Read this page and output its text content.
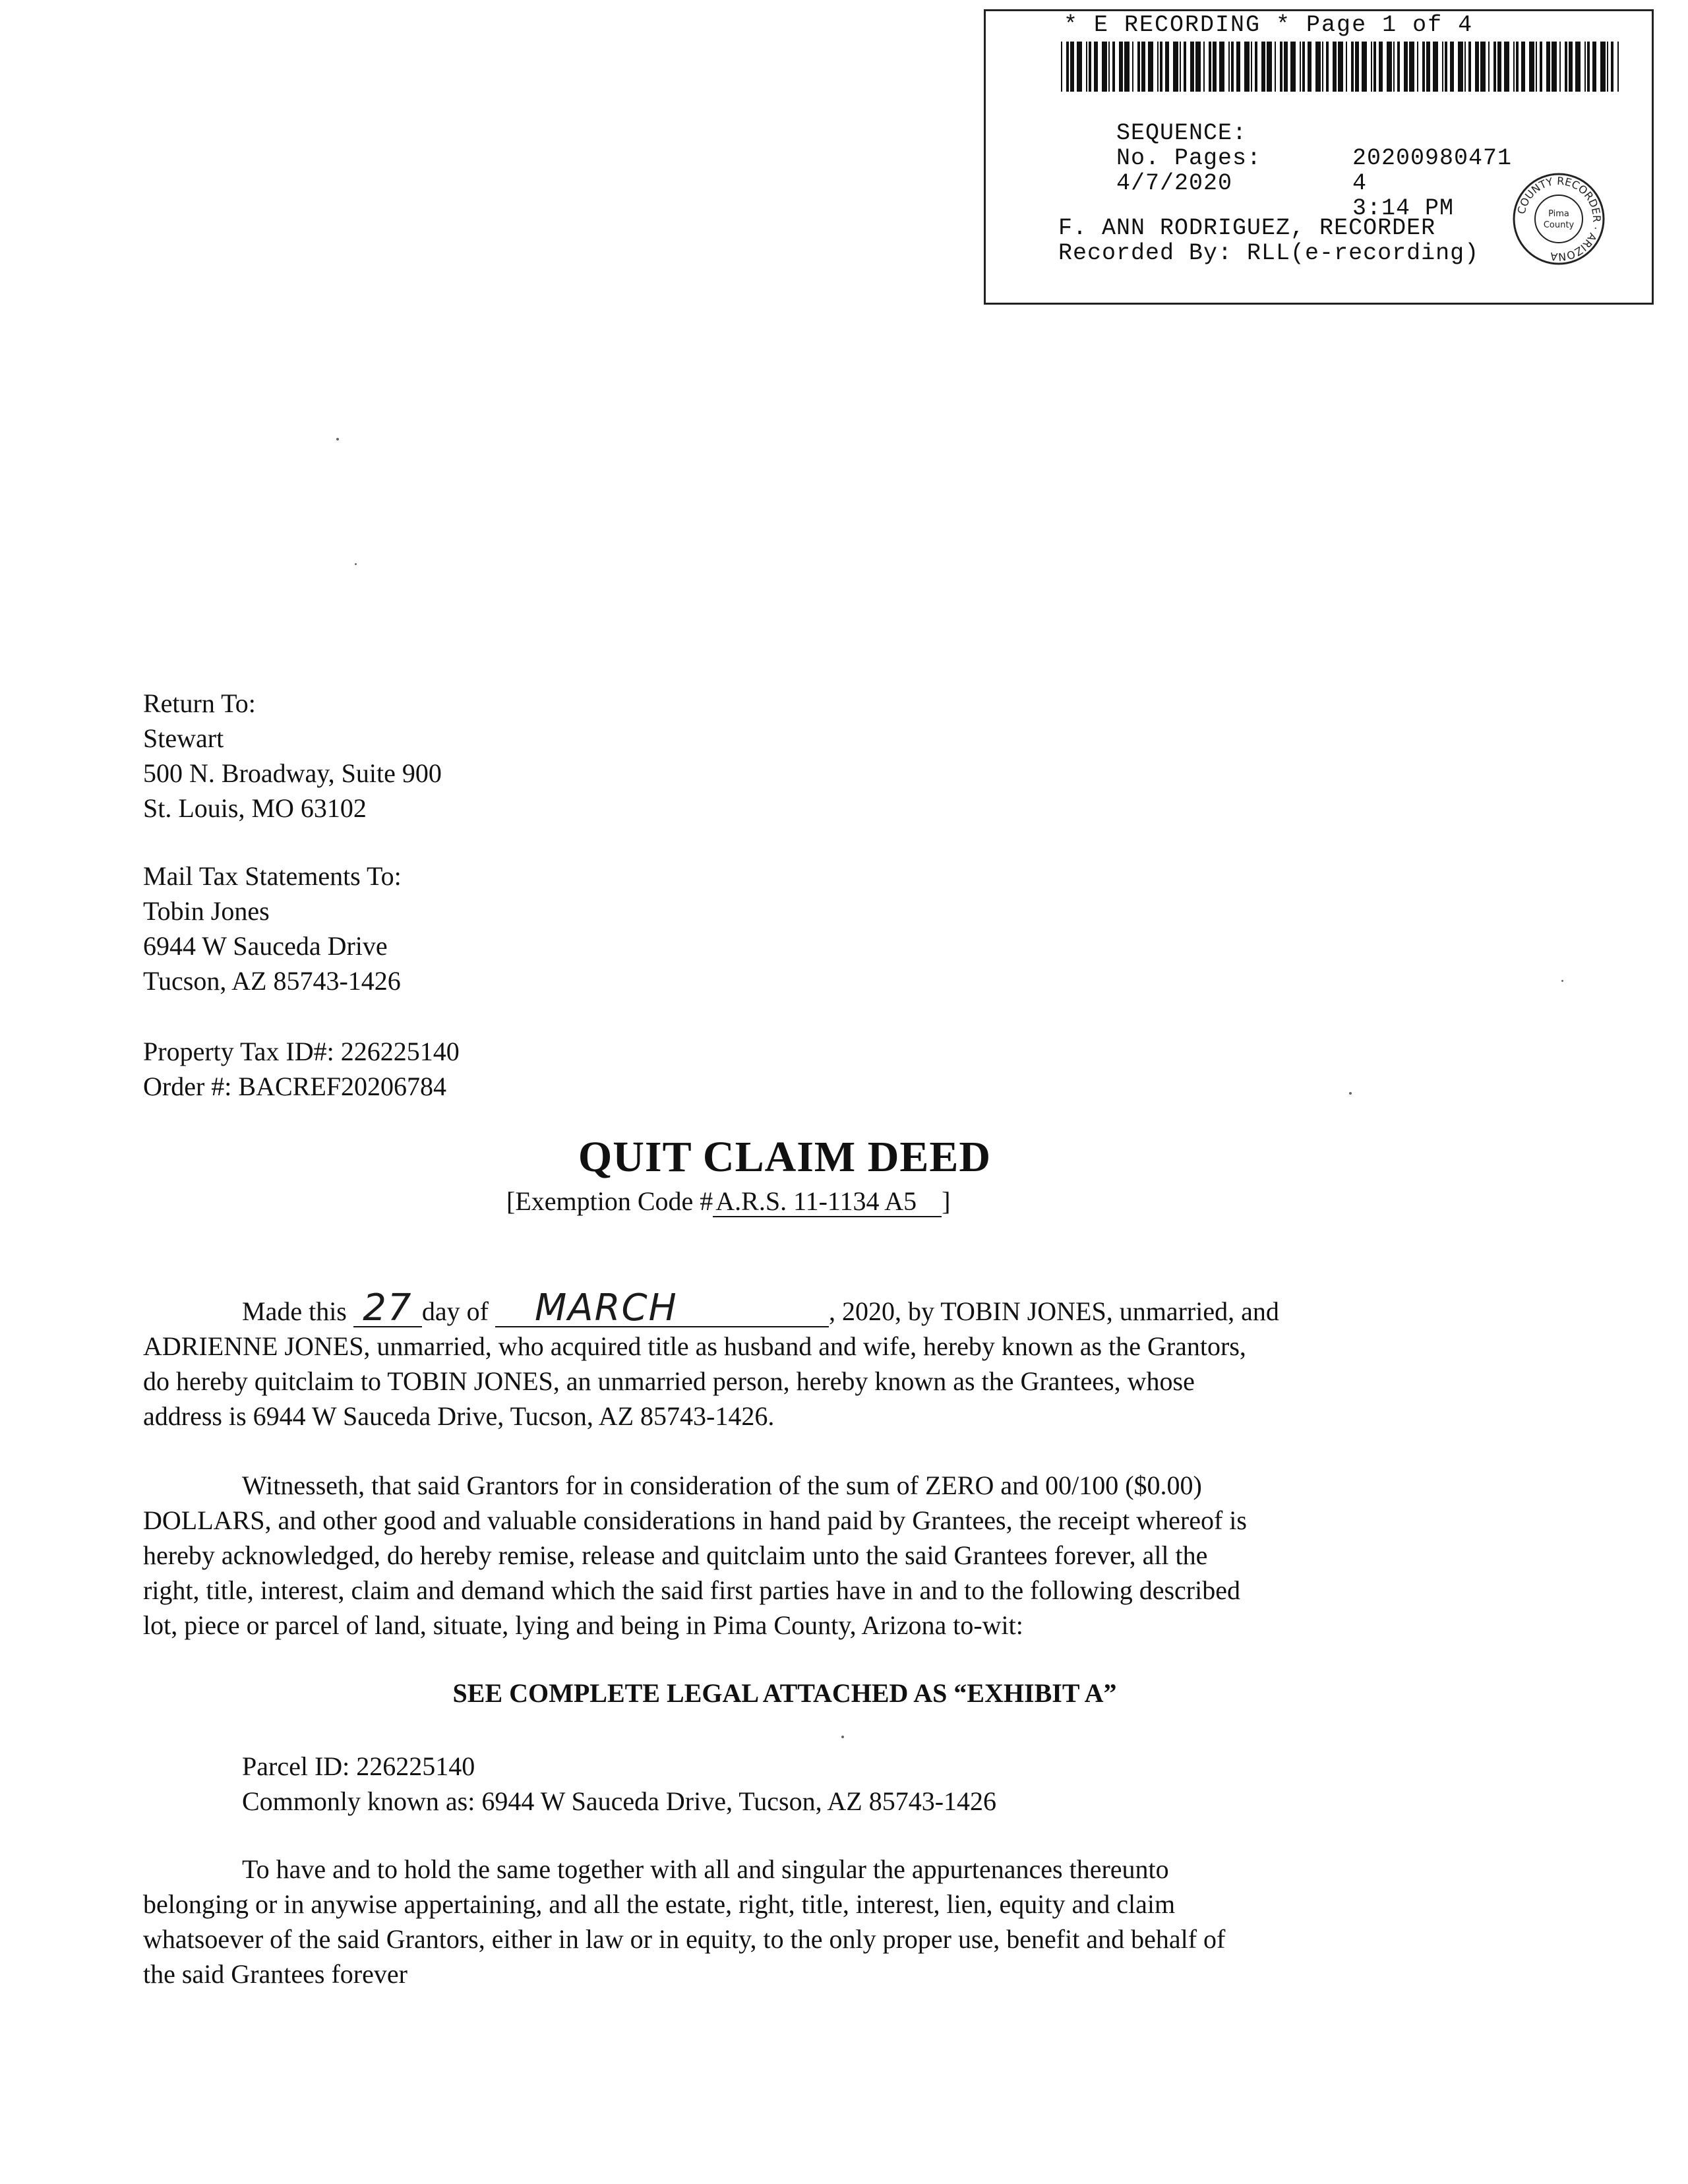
* E RECORDING * Page 1 of 4

SEQUENCE:

20200980471

No. Pages:

4

4/7/2020

3:14 PM

F. ANN RODRIGUEZ, RECORDER
Recorded By: RLL(e-recording)
COUNTY RECORDER · ARIZONA
Pima
County
Return To:
Stewart
500 N. Broadway, Suite 900
St. Louis, MO 63102
Mail Tax Statements To:
Tobin Jones
6944 W Sauceda Drive
Tucson, AZ 85743-1426
Property Tax ID#: 226225140
Order #: BACREF20206784
QUIT CLAIM DEED
[Exemption Code # A.R.S. 11-1134 A5 ]
Made this 27 day of MARCH	, 2020, by TOBIN JONES, unmarried, and
ADRIENNE JONES, unmarried, who acquired title as husband and wife, hereby known as the Grantors,
do hereby quitclaim to TOBIN JONES, an unmarried person, hereby known as the Grantees, whose
address is 6944 W Sauceda Drive, Tucson, AZ 85743-1426.
Witnesseth, that said Grantors for in consideration of the sum of ZERO and 00/100 ($0.00)
DOLLARS, and other good and valuable considerations in hand paid by Grantees, the receipt whereof is
hereby acknowledged, do hereby remise, release and quitclaim unto the said Grantees forever, all the
right, title, interest, claim and demand which the said first parties have in and to the following described
lot, piece or parcel of land, situate, lying and being in Pima County, Arizona to-wit:
SEE COMPLETE LEGAL ATTACHED AS “EXHIBIT A”
Parcel ID: 226225140
Commonly known as: 6944 W Sauceda Drive, Tucson, AZ 85743-1426
To have and to hold the same together with all and singular the appurtenances thereunto
belonging or in anywise appertaining, and all the estate, right, title, interest, lien, equity and claim
whatsoever of the said Grantors, either in law or in equity, to the only proper use, benefit and behalf of
the said Grantees forever
